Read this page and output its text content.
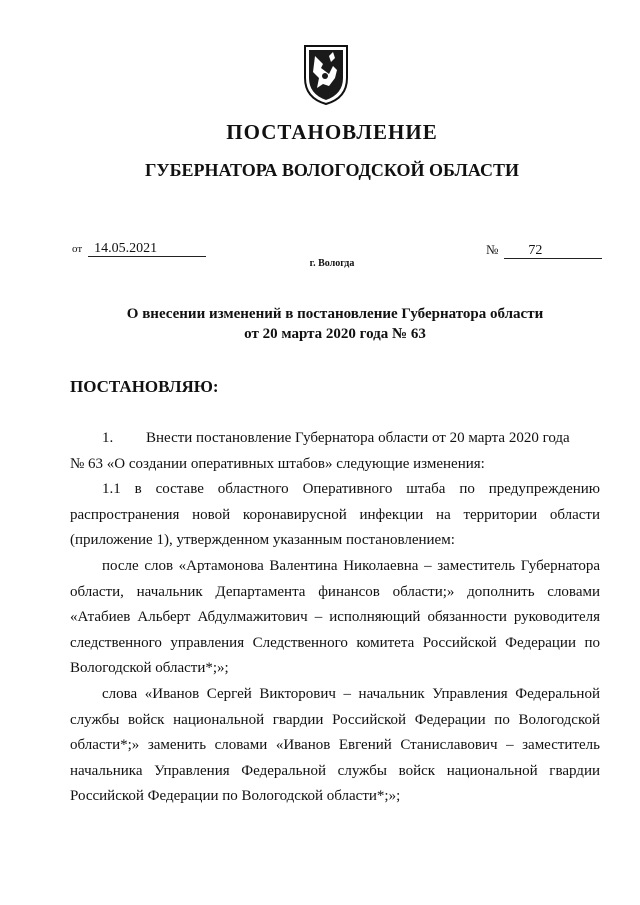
ПОСТАНОВЛЕНИЕ
ГУБЕРНАТОРА ВОЛОГОДСКОЙ ОБЛАСТИ
от 14.05.2021	№ 72
г. Вологда
О внесении изменений в постановление Губернатора области
от 20 марта 2020 года № 63
ПОСТАНОВЛЯЮ:

1. Внести постановление Губернатора области от 20 марта 2020 года

№ 63 «О создании оперативных штабов» следующие изменения:

1.1 в составе областного Оперативного штаба по предупреждению распространения новой коронавирусной инфекции на территории области (приложение 1), утвержденном указанным постановлением:

после слов «Артамонова Валентина Николаевна – заместитель Губернатора области, начальник Департамента финансов области;» дополнить словами «Атабиев Альберт Абдулмажитович – исполняющий обязанности руководителя следственного управления Следственного комитета Российской Федерации по Вологодской области*;»;

слова «Иванов Сергей Викторович – начальник Управления Федеральной службы войск национальной гвардии Российской Федерации по Вологодской области*;» заменить словами «Иванов Евгений Станиславович – заместитель начальника Управления Федеральной службы войск национальной гвардии Российской Федерации по Вологодской области*;»;
